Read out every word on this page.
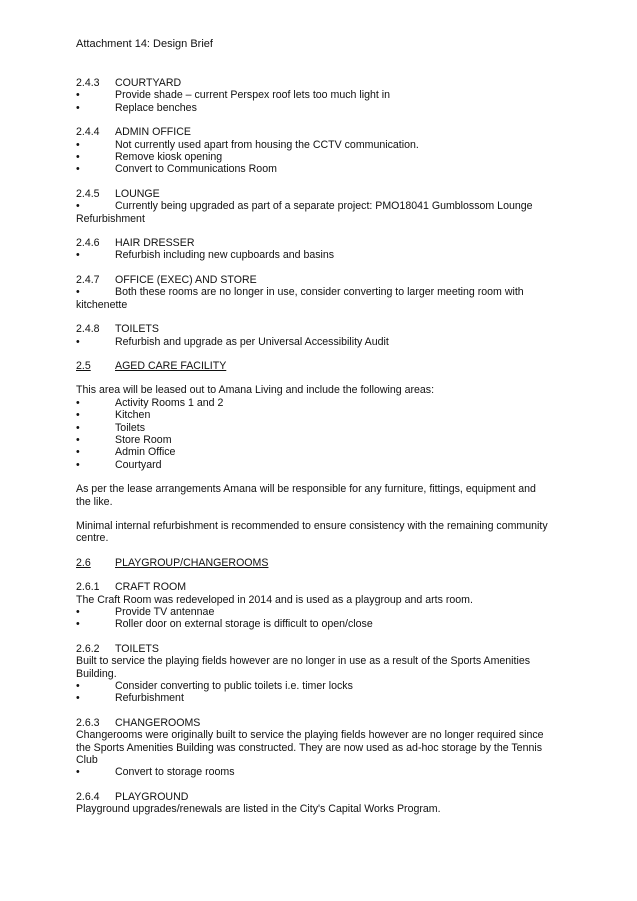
Attachment 14: Design Brief
2.4.3	COURTYARD
•	Provide shade – current Perspex roof lets too much light in
•	Replace benches
2.4.4	ADMIN OFFICE
•	Not currently used apart from housing the CCTV communication.
•	Remove kiosk opening
•	Convert to Communications Room
2.4.5	LOUNGE
•	Currently being upgraded as part of a separate project: PMO18041 Gumblossom Lounge
Refurbishment
2.4.6	HAIR DRESSER
•	Refurbish including new cupboards and basins
2.4.7	OFFICE (EXEC) AND STORE
•	Both these rooms are no longer in use, consider converting to larger meeting room with
kitchenette
2.4.8	TOILETS
•	Refurbish and upgrade as per Universal Accessibility Audit
2.5	AGED CARE FACILITY
This area will be leased out to Amana Living and include the following areas:
•	Activity Rooms 1 and 2
•	Kitchen
•	Toilets
•	Store Room
•	Admin Office
•	Courtyard
As per the lease arrangements Amana will be responsible for any furniture, fittings, equipment and
the like.
Minimal internal refurbishment is recommended to ensure consistency with the remaining community
centre.
2.6	PLAYGROUP/CHANGEROOMS
2.6.1	CRAFT ROOM
The Craft Room was redeveloped in 2014 and is used as a playgroup and arts room.
•	Provide TV antennae
•	Roller door on external storage is difficult to open/close
2.6.2	TOILETS
Built to service the playing fields however are no longer in use as a result of the Sports Amenities
Building.
•	Consider converting to public toilets i.e. timer locks
•	Refurbishment
2.6.3	CHANGEROOMS
Changerooms were originally built to service the playing fields however are no longer required since
the Sports Amenities Building was constructed. They are now used as ad-hoc storage by the Tennis
Club
•	Convert to storage rooms
2.6.4	PLAYGROUND
Playground upgrades/renewals are listed in the City's Capital Works Program.
